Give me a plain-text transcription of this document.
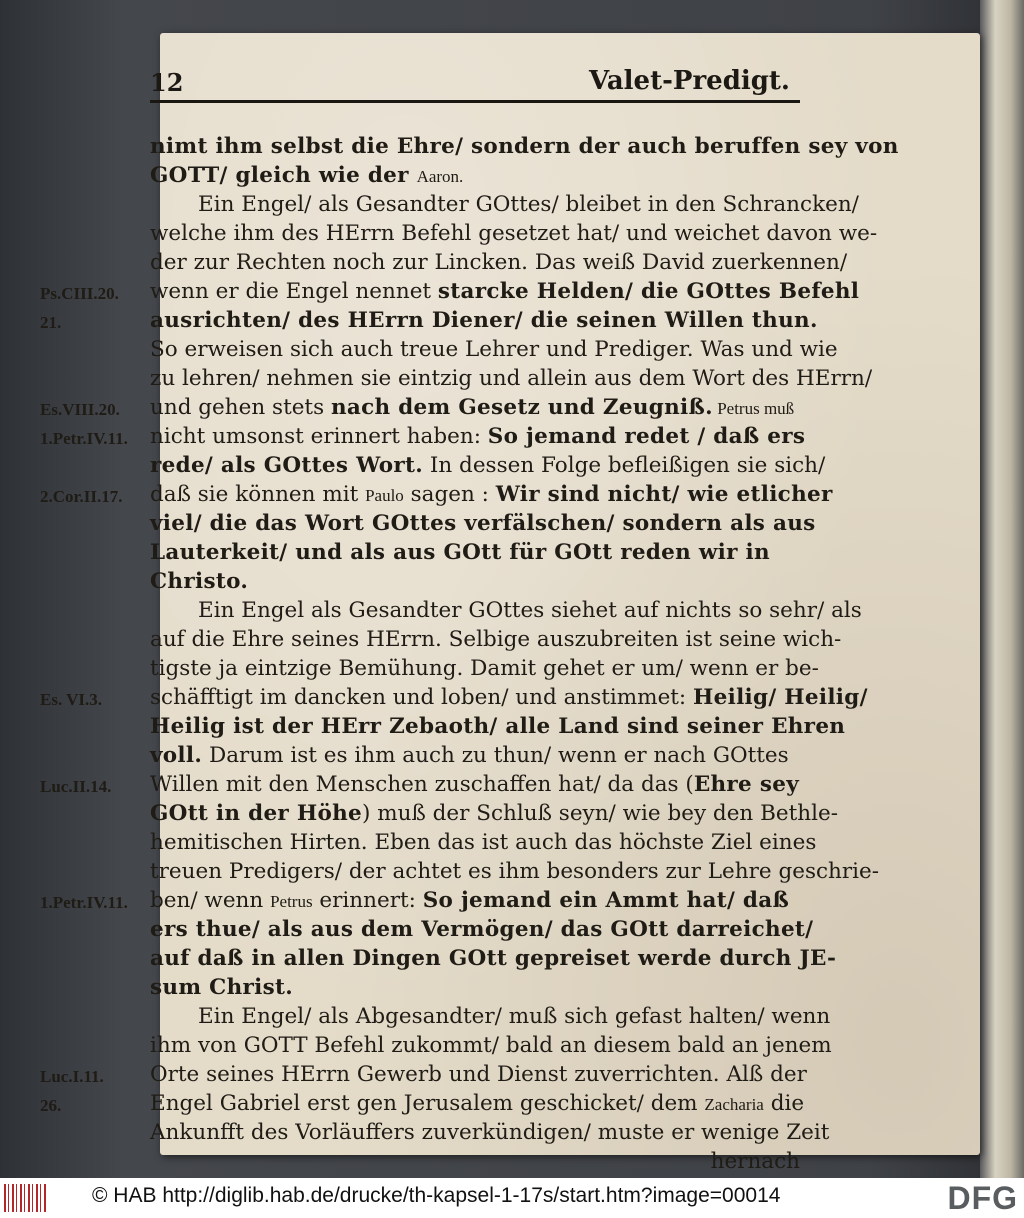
12	Valet-Predigt.
nimt ihm selbst die Ehre/ sondern der auch beruffen sey von
GOTT/ gleich wie der Aaron.
Ein Engel/ als Gesandter GOttes/ bleibet in den Schrancken/
welche ihm des HErrn Befehl gesetzet hat/ und weichet davon we-
der zur Rechten noch zur Lincken. Das weiß David zuerkennen/
wenn er die Engel nennet starcke Helden/ die GOttes Befehl
ausrichten/ des HErrn Diener/ die seinen Willen thun.
So erweisen sich auch treue Lehrer und Prediger. Was und wie
zu lehren/ nehmen sie eintzig und allein aus dem Wort des HErrn/
und gehen stets nach dem Gesetz und Zeugniß. Petrus muß
nicht umsonst erinnert haben: So jemand redet / daß ers
rede/ als GOttes Wort. In dessen Folge befleißigen sie sich/
daß sie können mit Paulo sagen : Wir sind nicht/ wie etlicher
viel/ die das Wort GOttes verfälschen/ sondern als aus
Lauterkeit/ und als aus GOtt für GOtt reden wir in
Christo.
Ein Engel als Gesandter GOttes siehet auf nichts so sehr/ als
auf die Ehre seines HErrn. Selbige auszubreiten ist seine wich-
tigste ja eintzige Bemühung. Damit gehet er um/ wenn er be-
schäfftigt im dancken und loben/ und anstimmet: Heilig/ Heilig/
Heilig ist der HErr Zebaoth/ alle Land sind seiner Ehren
voll. Darum ist es ihm auch zu thun/ wenn er nach GOttes
Willen mit den Menschen zuschaffen hat/ da das (Ehre sey
GOtt in der Höhe) muß der Schluß seyn/ wie bey den Bethle-
hemitischen Hirten. Eben das ist auch das höchste Ziel eines
treuen Predigers/ der achtet es ihm besonders zur Lehre geschrie-
ben/ wenn Petrus erinnert: So jemand ein Ammt hat/ daß
ers thue/ als aus dem Vermögen/ das GOtt darreichet/
auf daß in allen Dingen GOtt gepreiset werde durch JE-
sum Christ.
Ein Engel/ als Abgesandter/ muß sich gefast halten/ wenn
ihm von GOTT Befehl zukommt/ bald an diesem bald an jenem
Orte seines HErrn Gewerb und Dienst zuverrichten. Alß der
Engel Gabriel erst gen Jerusalem geschicket/ dem Zacharia die
Ankunfft des Vorläuffers zuverkündigen/ muste er wenige Zeit
hernach
Ps.CIII.20.
21.
Es.VIII.20.
1.Petr.IV.11.
2.Cor.II.17.
Es. VI.3.
Luc.II.14.
1.Petr.IV.11.
Luc.I.11.
26.
© HAB http://diglib.hab.de/drucke/th-kapsel-1-17s/start.htm?image=00014	DFG
